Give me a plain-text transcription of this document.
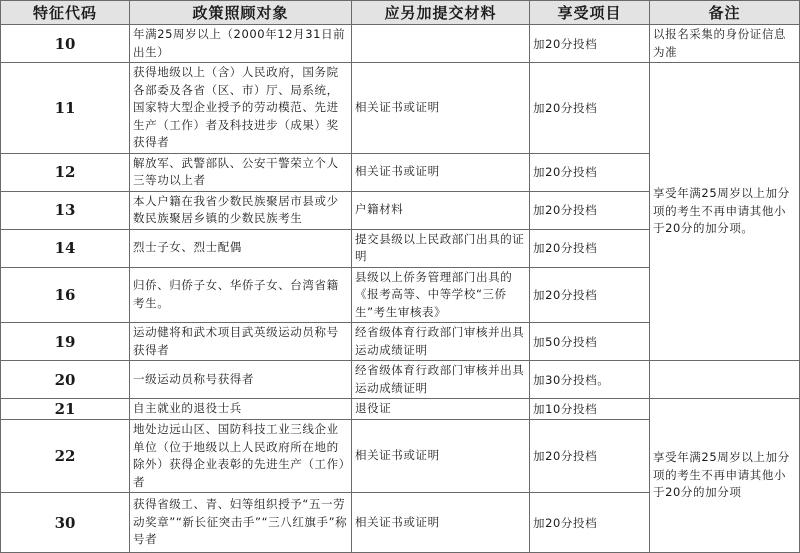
特征代码	政策照顾对象	应另加提交材料	享受项目	备注
10	年满25周岁以上（2000年12月31日前出生）		加20分投档	以报名采集的身份证信息为准
11	获得地级以上（含）人民政府，国务院各部委及各省（区、市）厅、局系统，国家特大型企业授予的劳动模范、先进生产（工作）者及科技进步（成果）奖获得者	相关证书或证明	加20分投档	享受年满25周岁以上加分项的考生不再申请其他小于20分的加分项。
12	解放军、武警部队、公安干警荣立个人三等功以上者	相关证书或证明	加20分投档	
13	本人户籍在我省少数民族聚居市县或少数民族聚居乡镇的少数民族考生	户籍材料	加20分投档	
14	烈士子女、烈士配偶	提交县级以上民政部门出具的证明	加20分投档	
16	归侨、归侨子女、华侨子女、台湾省籍考生。	县级以上侨务管理部门出具的《报考高等、中等学校“三侨生”考生审核表》	加20分投档	
19	运动健将和武术项目武英级运动员称号获得者	经省级体育行政部门审核并出具运动成绩证明	加50分投档	
20	一级运动员称号获得者	经省级体育行政部门审核并出具运动成绩证明	加30分投档。	
21	自主就业的退役士兵	退役证	加10分投档	享受年满25周岁以上加分项的考生不再申请其他小于20分的加分项
22	地处边远山区、国防科技工业三线企业单位（位于地级以上人民政府所在地的除外）获得企业表彰的先进生产（工作）者	相关证书或证明	加20分投档	
30	获得省级工、青、妇等组织授予“五一劳动奖章”“新长征突击手”“三八红旗手”称号者	相关证书或证明	加20分投档	
